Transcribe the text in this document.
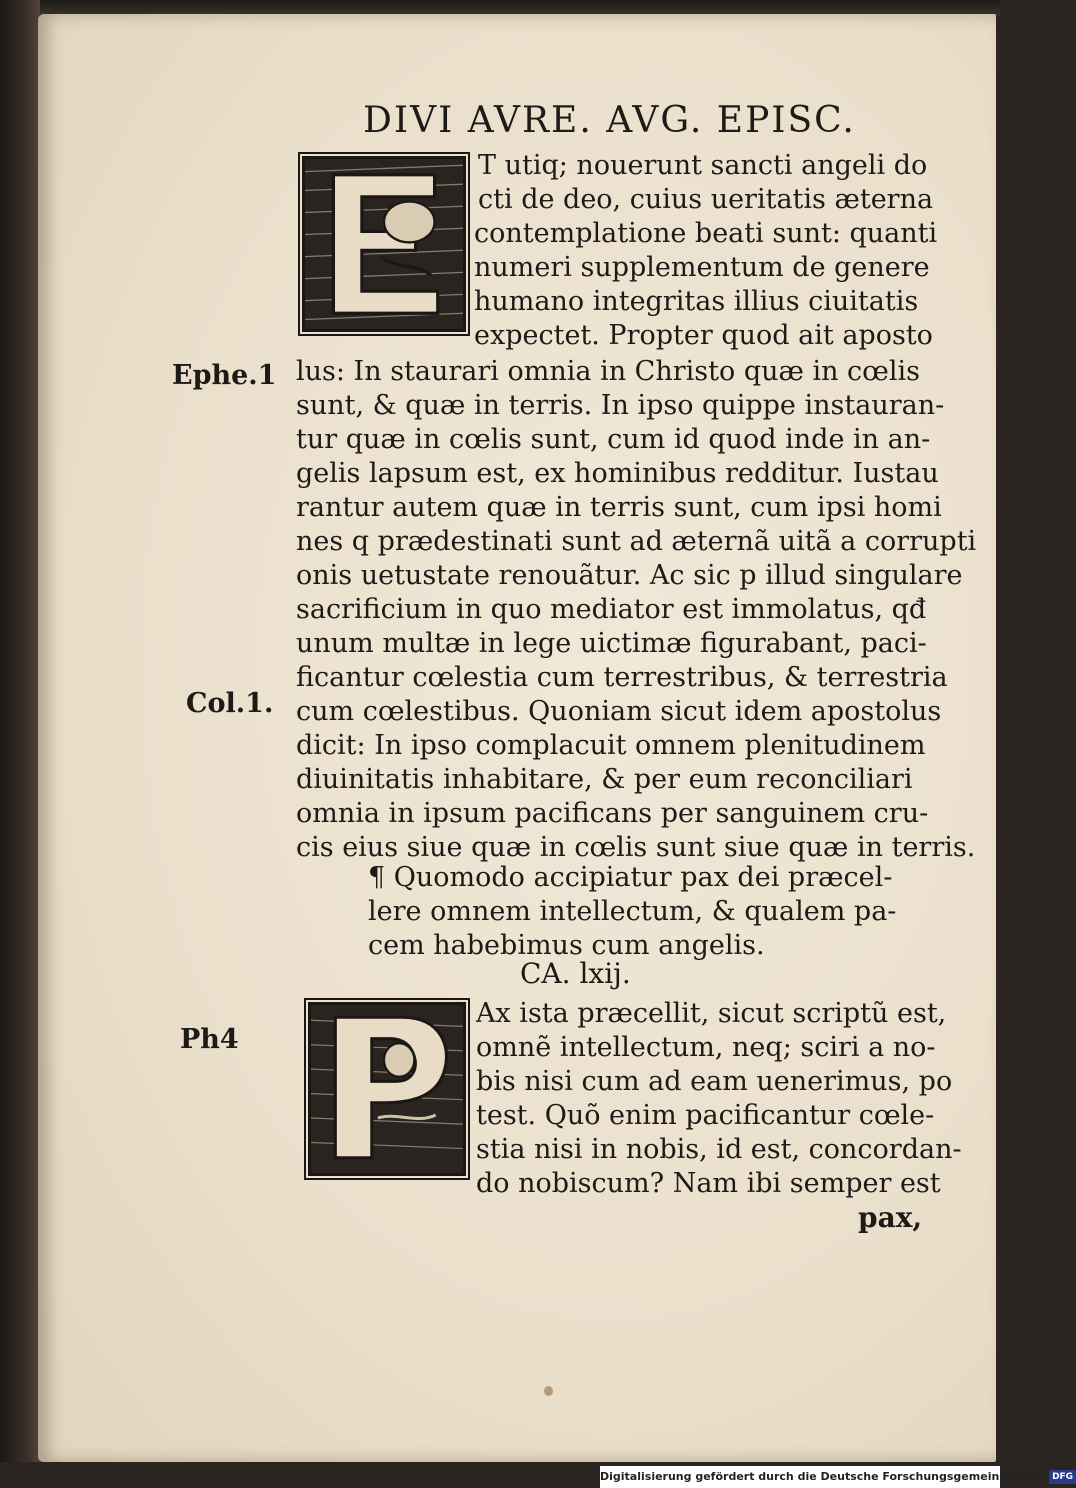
DIVI AVRE. AVG. EPISC.
Ephe.1
Col.1.
Ph4
T utiq; nouerunt sancti angeli do
cti de deo, cuius ueritatis æterna
contemplatione beati sunt: quanti
numeri supplementum de genere
humano integritas illius ciuitatis
expectet. Propter quod ait aposto
lus: In staurari omnia in Christo quæ in cœlis
sunt, & quæ in terris. In ipso quippe instauran-
tur quæ in cœlis sunt, cum id quod inde in an-
gelis lapsum est, ex hominibus redditur. Iustau
rantur autem quæ in terris sunt, cum ipsi homi
nes q prædestinati sunt ad æternã uitã a corrupti
onis uetustate renouãtur. Ac sic p illud singulare
sacrificium in quo mediator est immolatus, qđ
unum multæ in lege uictimæ figurabant, paci-
ficantur cœlestia cum terrestribus, & terrestria
cum cœlestibus. Quoniam sicut idem apostolus
dicit: In ipso complacuit omnem plenitudinem
diuinitatis inhabitare, & per eum reconciliari
omnia in ipsum pacificans per sanguinem cru-
cis eius siue quæ in cœlis sunt siue quæ in terris.
¶ Quomodo accipiatur pax dei præcel-
lere omnem intellectum, & qualem pa-
cem habebimus cum angelis.
CA. lxij.
Ax ista præcellit, sicut scriptũ est,
omnẽ intellectum, neq; sciri a no-
bis nisi cum ad eam uenerimus, po
test. Quõ enim pacificantur cœle-
stia nisi in nobis, id est, concordan-
do nobiscum? Nam ibi semper est
pax,
Digitalisierung gefördert durch die Deutsche Forschungsgemeinschaft - DFG
